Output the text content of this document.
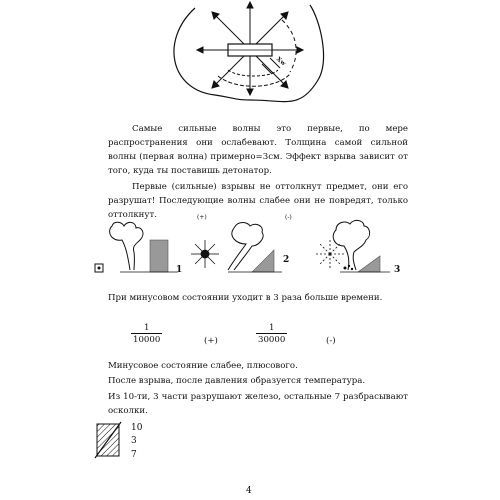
Xw
Самые сильные волны это первые, по мере распространения они ослабевают. Толщина самой сильной волны (первая волна) примерно=3см. Эффект взрыва зависит от того, куда ты поставишь детонатор.
Первые (сильные) взрывы не оттолкнут предмет, они его разрушат! Последующие волны слабее они не повредят, только оттолкнут.	(+)	(-)
1
2
3
При минусовом состоянии уходит в 3 раза больше времени.
$\frac{1}{10000}$	(+)	$\frac{1}{30000}$	(-)
Минусовое состояние слабее, плюсового.
После взрыва, после давления образуется температура.
Из 10-ти, 3 части разрушают железо, остальные 7 разбрасывают осколки.
10
3
7
4
